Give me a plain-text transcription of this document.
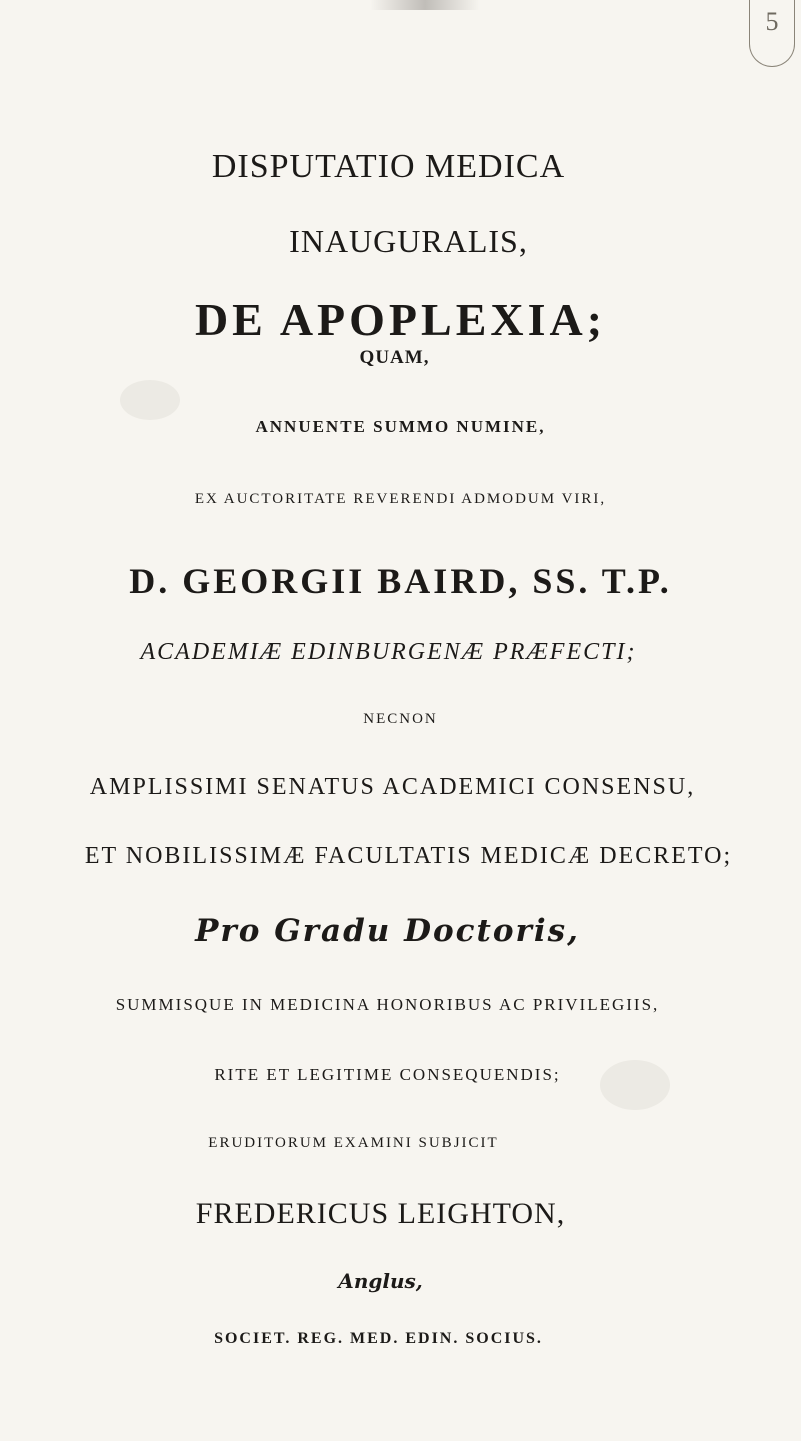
5
DISPUTATIO MEDICA
INAUGURALIS,
DE APOPLEXIA;
QUAM,
ANNUENTE SUMMO NUMINE,
EX AUCTORITATE REVERENDI ADMODUM VIRI,
D. GEORGII BAIRD, SS. T.P.
ACADEMIÆ EDINBURGENÆ PRÆFECTI;
NECNON
AMPLISSIMI SENATUS ACADEMICI CONSENSU,
ET NOBILISSIMÆ FACULTATIS MEDICÆ DECRETO;
Pro Gradu Doctoris,
SUMMISQUE IN MEDICINA HONORIBUS AC PRIVILEGIIS,
RITE ET LEGITIME CONSEQUENDIS;
ERUDITORUM EXAMINI SUBJICIT
FREDERICUS LEIGHTON,
Anglus,
SOCIET. REG. MED. EDIN. SOCIUS.
